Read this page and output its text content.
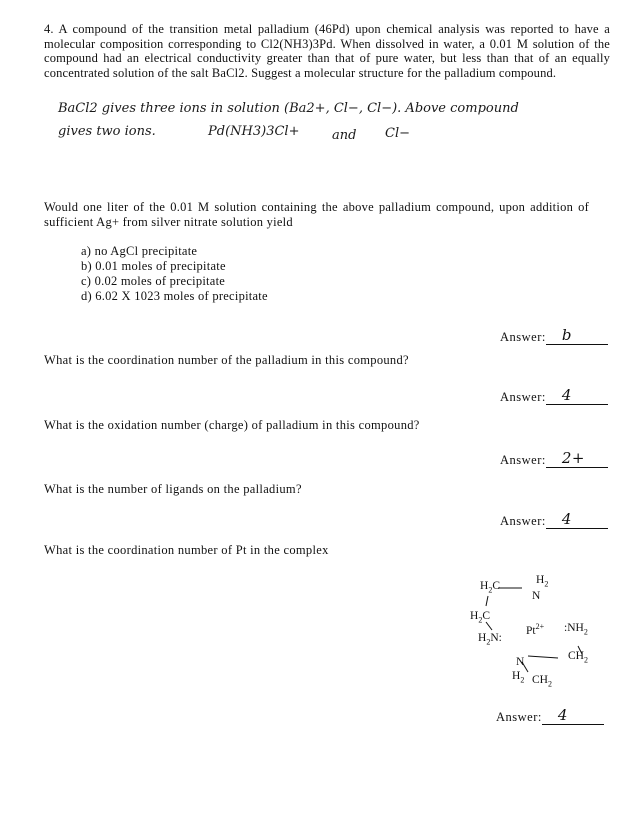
4. A compound of the transition metal palladium (46Pd) upon chemical analysis was reported to have a molecular composition corresponding to Cl2(NH3)3Pd. When dissolved in water, a 0.01 M solution of the compound had an electrical conductivity greater than that of pure water, but less than that of an equally concentrated solution of the salt BaCl2. Suggest a molecular structure for the palladium compound.
BaCl2 gives three ions in solution (Ba2+, Cl−, Cl−). Above compound
gives two ions.	Pd(NH3)3Cl+	and Cl−
Would one liter of the 0.01 M solution containing the above palladium compound, upon addition of sufficient Ag+ from silver nitrate solution yield
a) no AgCl precipitate
b) 0.01 moles of precipitate
c) 0.02 moles of precipitate
d) 6.02 X 1023 moles of precipitate
Answer: b
What is the coordination number of the palladium in this compound?
Answer: 4
What is the oxidation number (charge) of palladium in this compound?
Answer: 2+
What is the number of ligands on the palladium?
Answer: 4
What is the coordination number of Pt in the complex
$H_2C$	$H_2$
N
$H_2C$
$H_2N$:
$Pt^{2+}$ $:NH_2$
$CH_2$
N
$H_2$ $CH_2$
Answer: 4
